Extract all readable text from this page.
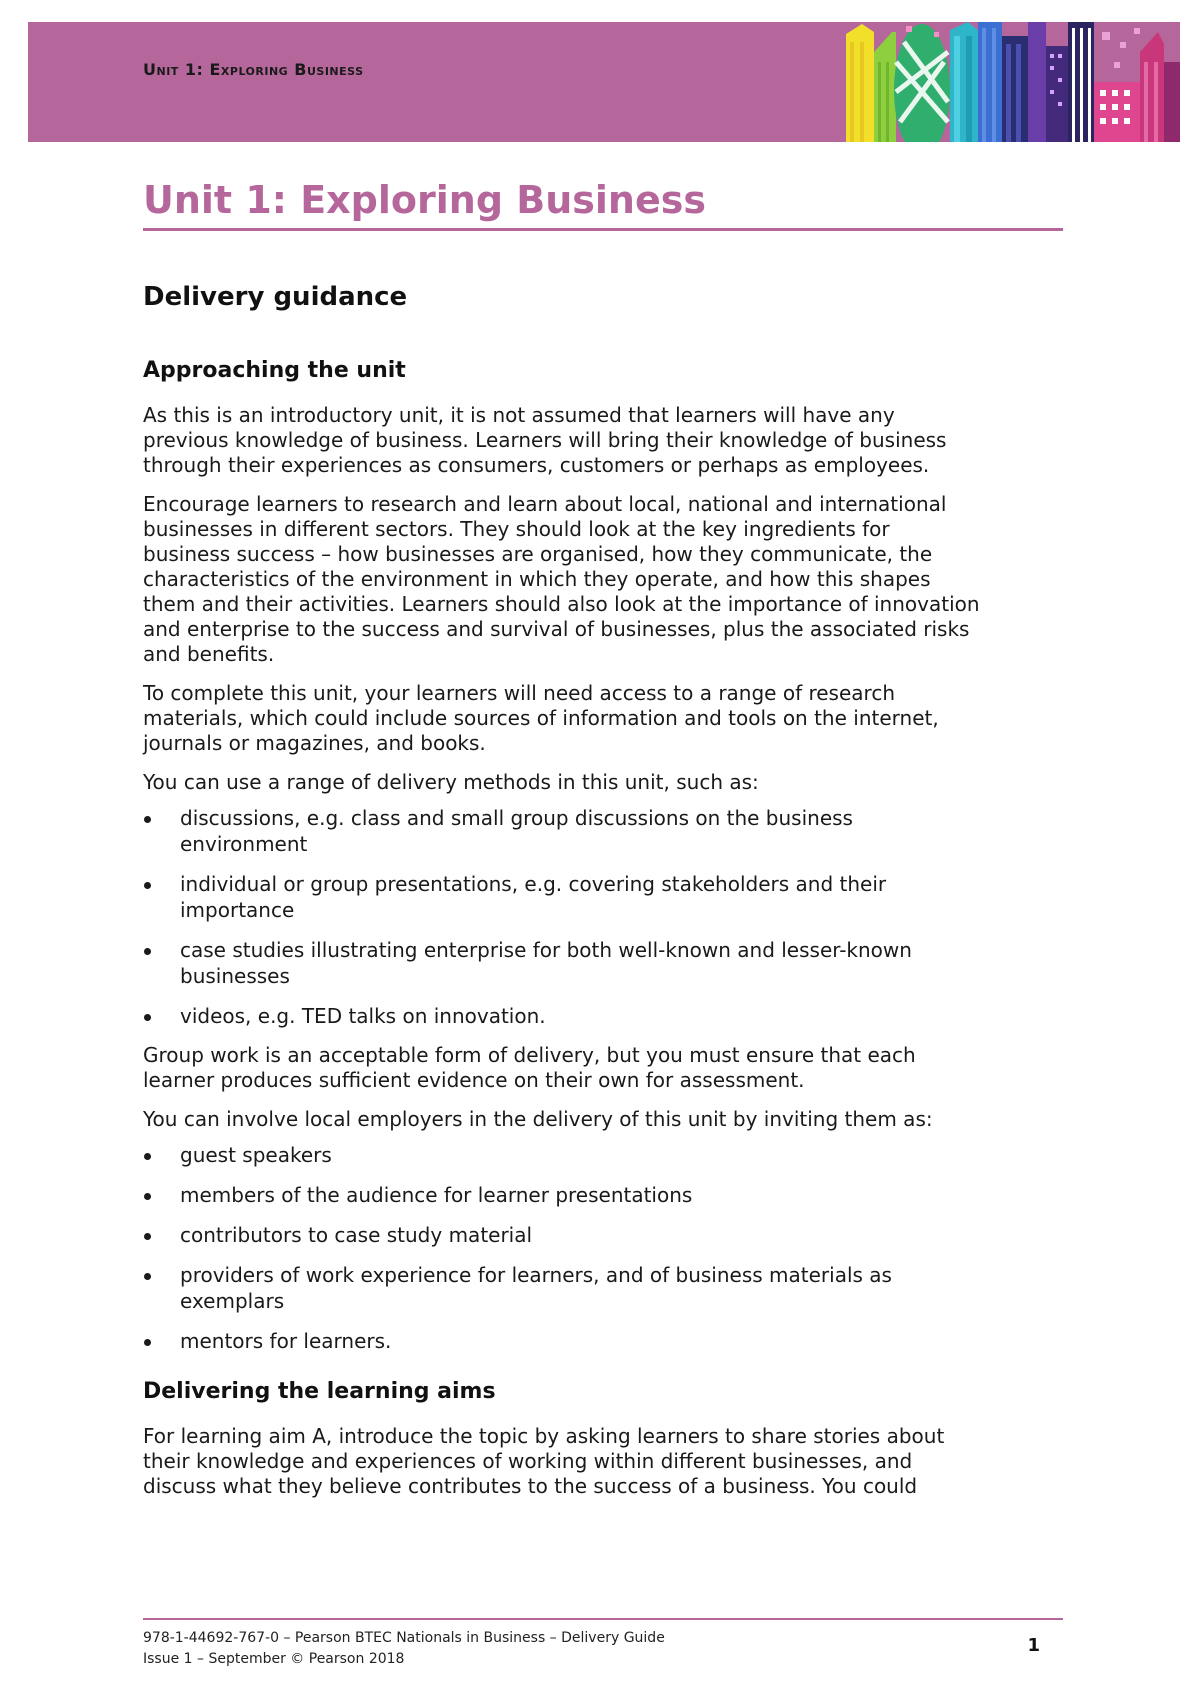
Unit 1: Exploring Business
Unit 1: Exploring Business
Delivery guidance
Approaching the unit

As this is an introductory unit, it is not assumed that learners will have any previous knowledge of business. Learners will bring their knowledge of business through their experiences as consumers, customers or perhaps as employees.

Encourage learners to research and learn about local, national and international businesses in different sectors. They should look at the key ingredients for business success – how businesses are organised, how they communicate, the characteristics of the environment in which they operate, and how this shapes them and their activities. Learners should also look at the importance of innovation and enterprise to the success and survival of businesses, plus the associated risks and benefits.

To complete this unit, your learners will need access to a range of research materials, which could include sources of information and tools on the internet, journals or magazines, and books.

You can use a range of delivery methods in this unit, such as:

discussions, e.g. class and small group discussions on the business environment
individual or group presentations, e.g. covering stakeholders and their importance
case studies illustrating enterprise for both well-known and lesser-known businesses
videos, e.g. TED talks on innovation.

Group work is an acceptable form of delivery, but you must ensure that each learner produces sufficient evidence on their own for assessment.

You can involve local employers in the delivery of this unit by inviting them as:

guest speakers
members of the audience for learner presentations
contributors to case study material
providers of work experience for learners, and of business materials as exemplars
mentors for learners.
Delivering the learning aims

For learning aim A, introduce the topic by asking learners to share stories about their knowledge and experiences of working within different businesses, and discuss what they believe contributes to the success of a business. You could

978-1-44692-767-0 – Pearson BTEC Nationals in Business – Delivery Guide
Issue 1 – September © Pearson 2018
1
